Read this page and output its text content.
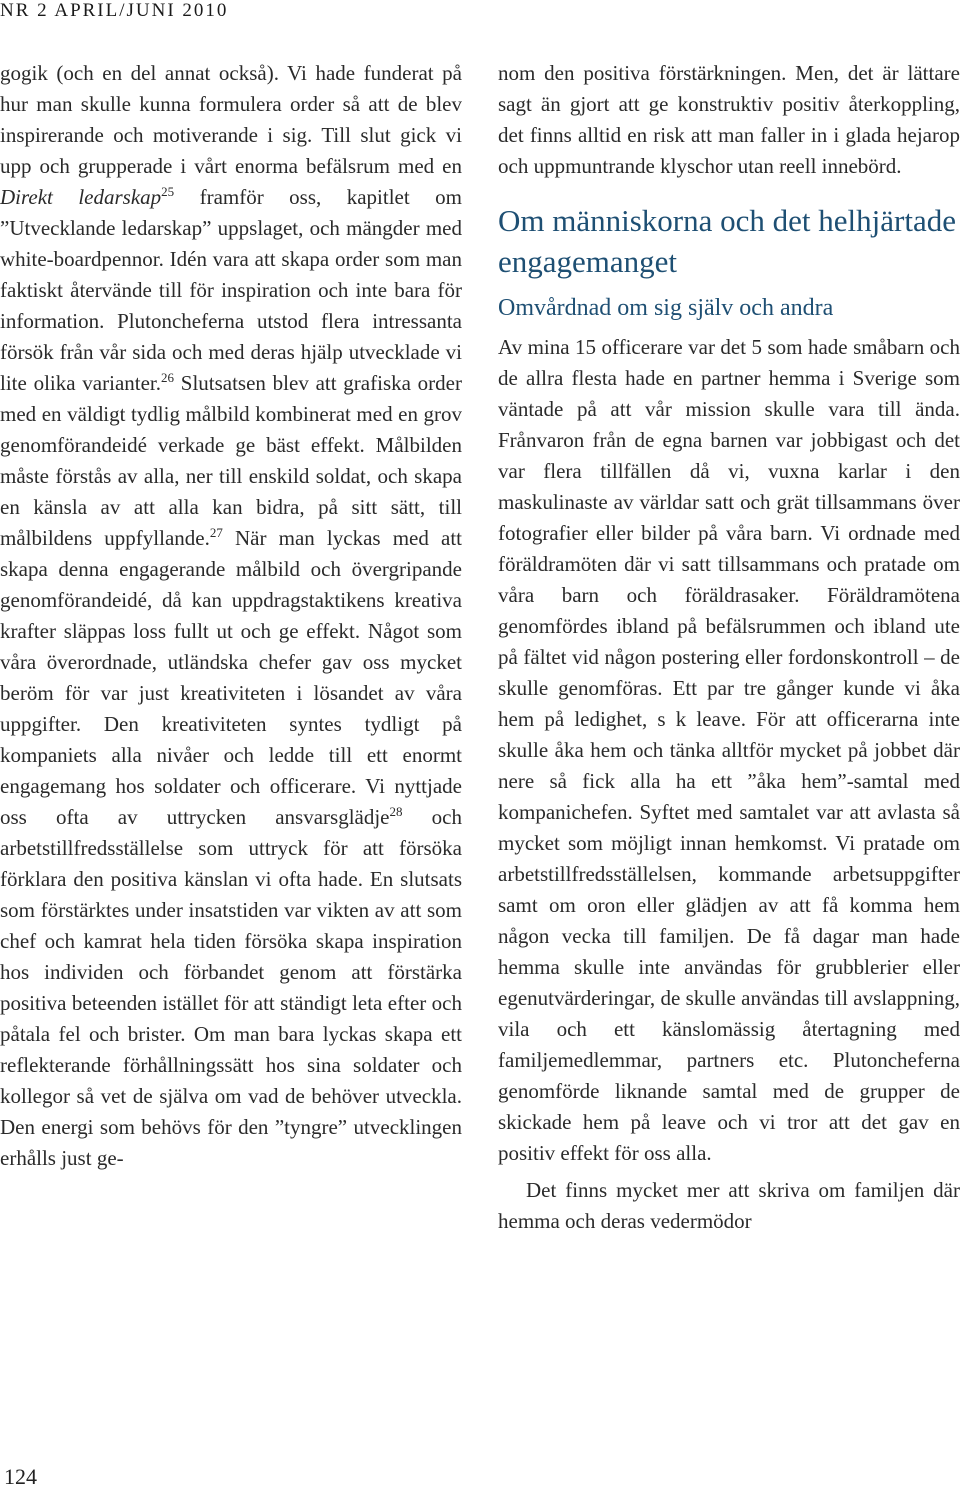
NR 2 APRIL/JUNI 2010

gogik (och en del annat också). Vi hade funderat på hur man skulle kunna formulera order så att de blev inspirerande och motiverande i sig. Till slut gick vi upp och grupperade i vårt enorma befälsrum med en Direkt ledarskap$^{25}$ framför oss, kapitlet om ”Utvecklande ledarskap” uppslaget, och mängder med white-boardpennor. Idén vara att skapa order som man faktiskt återvände till för inspiration och inte bara för information. Plutoncheferna utstod flera intressanta försök från vår sida och med deras hjälp utvecklade vi lite olika varianter.$^{26}$ Slutsatsen blev att grafiska order med en väldigt tydlig målbild kombinerat med en grov genomförandeidé verkade ge bäst effekt. Målbilden måste förstås av alla, ner till enskild soldat, och skapa en känsla av att alla kan bidra, på sitt sätt, till målbildens uppfyllande.$^{27}$ När man lyckas med att skapa denna engagerande målbild och övergripande genomförandeidé, då kan uppdragstaktikens kreativa krafter släppas loss fullt ut och ge effekt. Något som våra överordnade, utländska chefer gav oss mycket beröm för var just kreativiteten i lösandet av våra uppgifter. Den kreativiteten syntes tydligt på kompaniets alla nivåer och ledde till ett enormt engagemang hos soldater och officerare. Vi nyttjade oss ofta av uttrycken ansvarsglädje$^{28}$ och arbetstillfredsställelse som uttryck för att försöka förklara den positiva känslan vi ofta hade. En slutsats som förstärktes under insatstiden var vikten av att som chef och kamrat hela tiden försöka skapa inspiration hos individen och förbandet genom att förstärka positiva beteenden istället för att ständigt leta efter och påtala fel och brister. Om man bara lyckas skapa ett reflekterande förhållningssätt hos sina soldater och kollegor så vet de själva om vad de behöver utveckla. Den energi som behövs för den ”tyngre” utvecklingen erhålls just ge-

nom den positiva förstärkningen. Men, det är lättare sagt än gjort att ge konstruktiv positiv återkoppling, det finns alltid en risk att man faller in i glada hejarop och uppmuntrande klyschor utan reell innebörd.

Om människorna och det helhjärtade engagemanget
Omvårdnad om sig själv och andra

Av mina 15 officerare var det 5 som hade småbarn och de allra flesta hade en partner hemma i Sverige som väntade på att vår mission skulle vara till ända. Frånvaron från de egna barnen var jobbigast och det var flera tillfällen då vi, vuxna karlar i den maskulinaste av världar satt och grät tillsammans över fotografier eller bilder på våra barn. Vi ordnade med föräldramöten där vi satt tillsammans och pratade om våra barn och föräldrasaker. Föräldramötena genomfördes ibland på befälsrummen och ibland ute på fältet vid någon postering eller fordonskontroll – de skulle genomföras. Ett par tre gånger kunde vi åka hem på ledighet, s k leave. För att officerarna inte skulle åka hem och tänka alltför mycket på jobbet där nere så fick alla ha ett ”åka hem”-samtal med kompanichefen. Syftet med samtalet var att avlasta så mycket som möjligt innan hemkomst. Vi pratade om arbetstillfredsställelsen, kommande arbetsuppgifter samt om oron eller glädjen av att få komma hem någon vecka till familjen. De få dagar man hade hemma skulle inte användas för grubblerier eller egenutvärderingar, de skulle användas till avslappning, vila och ett känslomässig återtagning med familjemedlemmar, partners etc. Plutoncheferna genomförde liknande samtal med de grupper de skickade hem på leave och vi tror att det gav en positiv effekt för oss alla.

Det finns mycket mer att skriva om familjen där hemma och deras vedermödor

124
